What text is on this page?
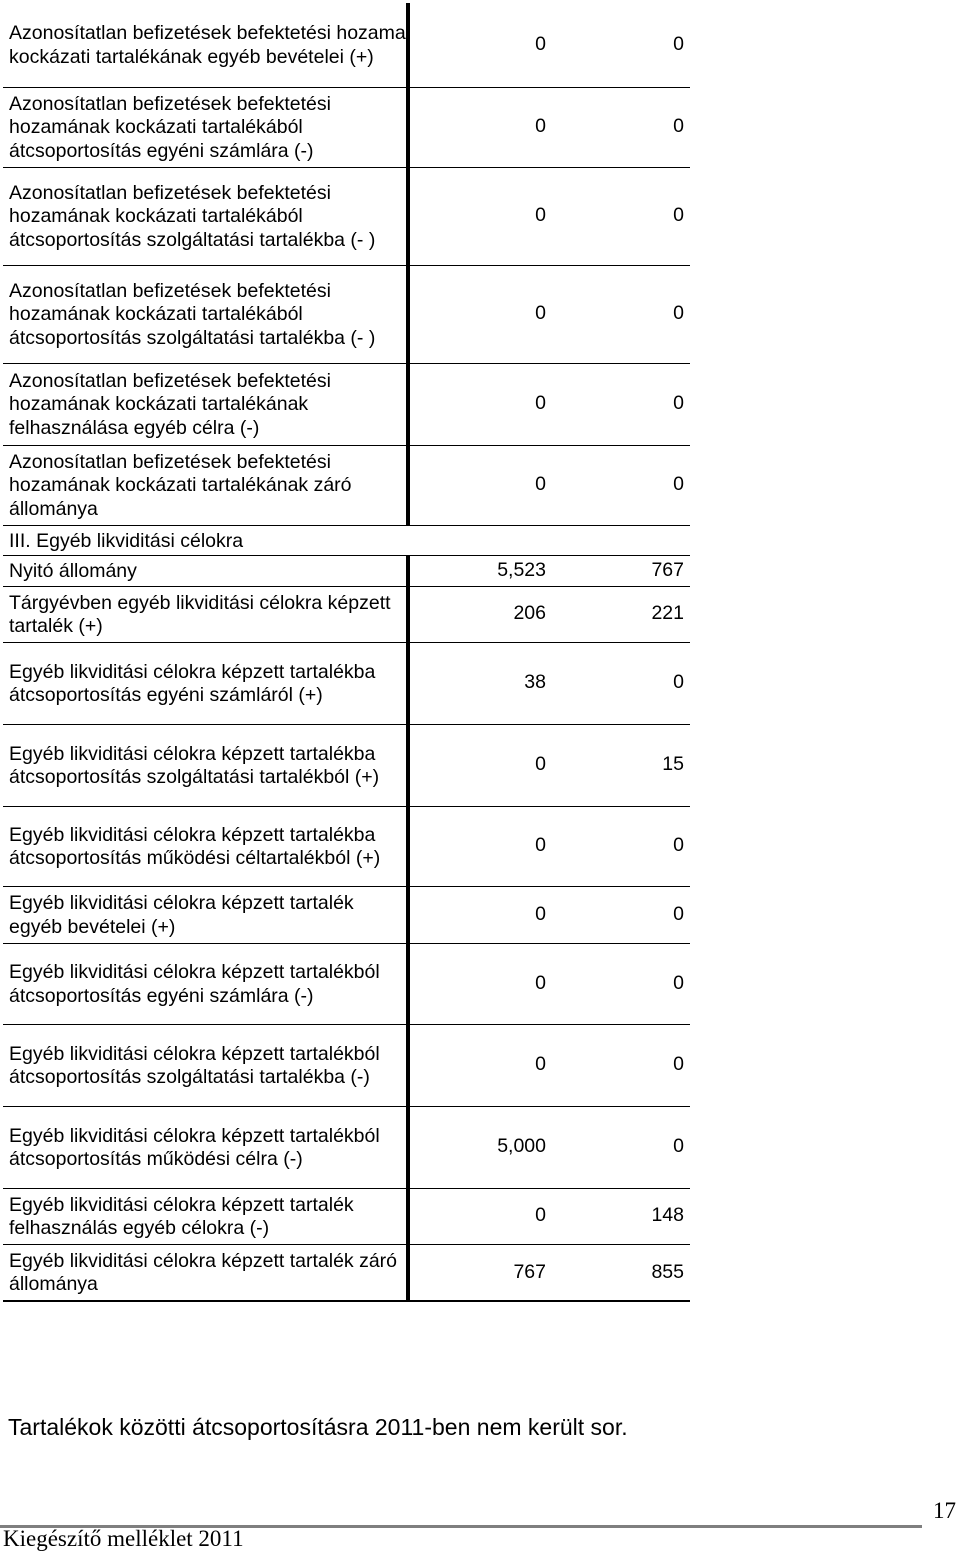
Azonosítatlan befizetések befektetési hozama kockázati tartalékának egyéb bevételei (+)	0	0
Azonosítatlan befizetések befektetési hozamának kockázati tartalékából átcsoportosítás egyéni számlára (-)	0	0
Azonosítatlan befizetések befektetési hozamának kockázati tartalékából átcsoportosítás szolgáltatási tartalékba (- )	0	0
Azonosítatlan befizetések befektetési hozamának kockázati tartalékából átcsoportosítás szolgáltatási tartalékba (- )	0	0
Azonosítatlan befizetések befektetési hozamának kockázati tartalékának felhasználása egyéb célra (-)	0	0
Azonosítatlan befizetések befektetési hozamának kockázati tartalékának záró állománya	0	0
III. Egyéb likviditási célokra		
Nyitó állomány	5,523	767
Tárgyévben egyéb likviditási célokra képzett tartalék (+)	206	221
Egyéb likviditási célokra képzett tartalékba átcsoportosítás egyéni számláról (+)	38	0
Egyéb likviditási célokra képzett tartalékba átcsoportosítás szolgáltatási tartalékból (+)	0	15
Egyéb likviditási célokra képzett tartalékba átcsoportosítás működési céltartalékból (+)	0	0
Egyéb likviditási célokra képzett tartalék egyéb bevételei (+)	0	0
Egyéb likviditási célokra képzett tartalékból átcsoportosítás egyéni számlára (-)	0	0
Egyéb likviditási célokra képzett tartalékból átcsoportosítás szolgáltatási tartalékba (-)	0	0
Egyéb likviditási célokra képzett tartalékból átcsoportosítás működési célra (-)	5,000	0
Egyéb likviditási célokra képzett tartalék felhasználás egyéb célokra (-)	0	148
Egyéb likviditási célokra képzett tartalék záró állománya	767	855

Tartalékok közötti átcsoportosításra 2011-ben nem került sor.

Kiegészítő melléklet 2011
17
